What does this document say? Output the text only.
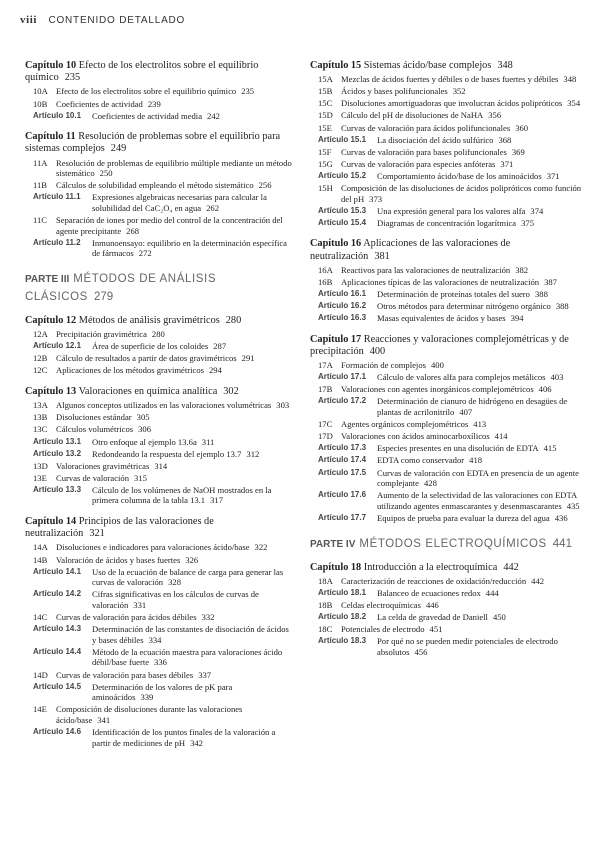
viii CONTENIDO DETALLADO
Capítulo 10 Efecto de los electrolitos sobre el equilibrio químico 235
10A Efecto de los electrolitos sobre el equilibrio químico 235
10B	Coeficientes de actividad 239
Artículo 10.1	Coeficientes de actividad media 242
Capítulo 11 Resolución de problemas sobre el equilibrio para sistemas complejos 249
11A Resolución de problemas de equilibrio múltiple mediante un método sistemático 250
11B	Cálculos de solubilidad empleando el método sistemático 256
Artículo 11.1	Expresiones algebraicas necesarias para calcular la solubilidad del CaC₂O₄ en agua 262
11C	Separación de iones por medio del control de la concentración del agente precipitante 268
Artículo 11.2	Inmunoensayo: equilibrio en la determinación específica de fármacos 272
PARTE III MÉTODOS DE ANÁLISIS CLÁSICOS 279
Capítulo 12 Métodos de análisis gravimétricos 280
12A Precipitación gravimétrica 280
Artículo 12.1	Área de superficie de los coloides 287
12B	Cálculo de resultados a partir de datos gravimétricos 291
12C	Aplicaciones de los métodos gravimétricos 294
Capítulo 13 Valoraciones en química analítica 302
13A Algunos conceptos utilizados en las valoraciones volumétricas 303
13B	Disoluciones estándar 305
13C	Cálculos volumétricos 306
Artículo 13.1	Otro enfoque al ejemplo 13.6a 311
Artículo 13.2	Redondeando la respuesta del ejemplo 13.7 312
13D Valoraciones gravimétricas 314
13E	Curvas de valoración 315
Artículo 13.3	Cálculo de los volúmenes de NaOH mostrados en la primera columna de la tabla 13.1 317
Capítulo 14 Principios de las valoraciones de neutralización 321
14A Disoluciones e indicadores para valoraciones ácido/base 322
14B	Valoración de ácidos y bases fuertes 326
Artículo 14.1	Uso de la ecuación de balance de carga para generar las curvas de valoración 328
Artículo 14.2	Cifras significativas en los cálculos de curvas de valoración 331
14C	Curvas de valoración para ácidos débiles 332
Artículo 14.3	Determinación de las constantes de disociación de ácidos y bases débiles 334
Artículo 14.4	Método de la ecuación maestra para valoraciones ácido débil/base fuerte 336
14D Curvas de valoración para bases débiles 337
Artículo 14.5	Determinación de los valores de pK para aminoácidos 339
14E	Composición de disoluciones durante las valoraciones ácido/base 341
Artículo 14.6	Identificación de los puntos finales de la valoración a partir de mediciones de pH 342
Capítulo 15 Sistemas ácido/base complejos 348
15A Mezclas de ácidos fuertes y débiles o de bases fuertes y débiles 348
15B	Ácidos y bases polifuncionales 352
15C	Disoluciones amortiguadoras que involucran ácidos polipróticos 354
15D Cálculo del pH de disoluciones de NaHA 356
15E	Curvas de valoración para ácidos polifuncionales 360
Artículo 15.1	La disociación del ácido sulfúrico 368
15F	Curvas de valoración para bases polifuncionales 369
15G Curvas de valoración para especies anfóteras 371
Artículo 15.2	Comportamiento ácido/base de los aminoácidos 371
15H Composición de las disoluciones de ácidos polipróticos como función del pH 373
Artículo 15.3	Una expresión general para los valores alfa 374
Artículo 15.4	Diagramas de concentración logarítmica 375
Capítulo 16 Aplicaciones de las valoraciones de neutralización 381
16A Reactivos para las valoraciones de neutralización 382
16B	Aplicaciones típicas de las valoraciones de neutralización 387
Artículo 16.1	Determinación de proteínas totales del suero 388
Artículo 16.2	Otros métodos para determinar nitrógeno orgánico 388
Artículo 16.3	Masas equivalentes de ácidos y bases 394
Capítulo 17 Reacciones y valoraciones complejométricas y de precipitación 400
17A Formación de complejos 400
Artículo 17.1	Cálculo de valores alfa para complejos metálicos 403
17B	Valoraciones con agentes inorgánicos complejométricos 406
Artículo 17.2	Determinación de cianuro de hidrógeno en desagües de plantas de acrilonitrilo 407
17C	Agentes orgánicos complejométricos 413
17D Valoraciones con ácidos aminocarboxílicos 414
Artículo 17.3	Especies presentes en una disolución de EDTA 415
Artículo 17.4	EDTA como conservador 418
Artículo 17.5	Curvas de valoración con EDTA en presencia de un agente complejante 428
Artículo 17.6	Aumento de la selectividad de las valoraciones con EDTA utilizando agentes enmascarantes y desenmascarantes 435
Artículo 17.7	Equipos de prueba para evaluar la dureza del agua 436
PARTE IV MÉTODOS ELECTROQUÍMICOS 441
Capítulo 18 Introducción a la electroquímica 442
18A Caracterización de reacciones de oxidación/reducción 442
Artículo 18.1	Balanceo de ecuaciones redox 444
18B	Celdas electroquímicas 446
Artículo 18.2	La celda de gravedad de Daniell 450
18C	Potenciales de electrodo 451
Artículo 18.3	Por qué no se pueden medir potenciales de electrodo absolutos 456
